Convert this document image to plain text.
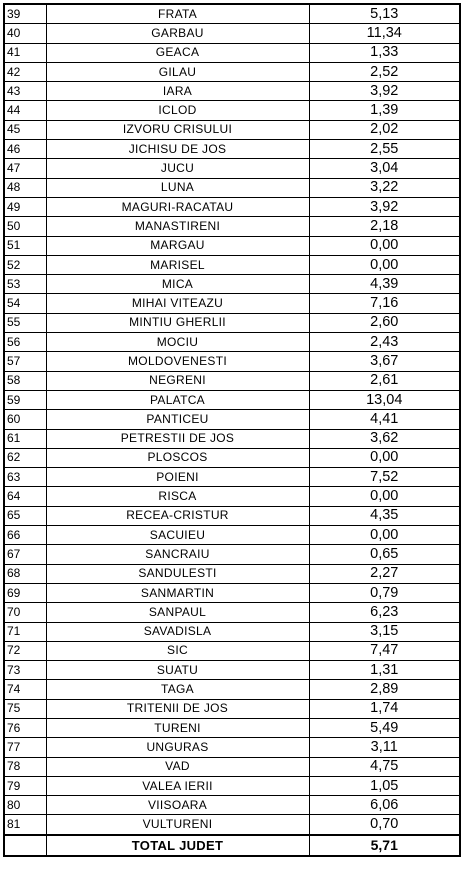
39	FRATA	5,13
40	GARBAU	11,34
41	GEACA	1,33
42	GILAU	2,52
43	IARA	3,92
44	ICLOD	1,39
45	IZVORU CRISULUI	2,02
46	JICHISU DE JOS	2,55
47	JUCU	3,04
48	LUNA	3,22
49	MAGURI-RACATAU	3,92
50	MANASTIRENI	2,18
51	MARGAU	0,00
52	MARISEL	0,00
53	MICA	4,39
54	MIHAI VITEAZU	7,16
55	MINTIU GHERLII	2,60
56	MOCIU	2,43
57	MOLDOVENESTI	3,67
58	NEGRENI	2,61
59	PALATCA	13,04
60	PANTICEU	4,41
61	PETRESTII DE JOS	3,62
62	PLOSCOS	0,00
63	POIENI	7,52
64	RISCA	0,00
65	RECEA-CRISTUR	4,35
66	SACUIEU	0,00
67	SANCRAIU	0,65
68	SANDULESTI	2,27
69	SANMARTIN	0,79
70	SANPAUL	6,23
71	SAVADISLA	3,15
72	SIC	7,47
73	SUATU	1,31
74	TAGA	2,89
75	TRITENII DE JOS	1,74
76	TURENI	5,49
77	UNGURAS	3,11
78	VAD	4,75
79	VALEA IERII	1,05
80	VIISOARA	6,06
81	VULTURENI	0,70
	TOTAL JUDET	5,71
